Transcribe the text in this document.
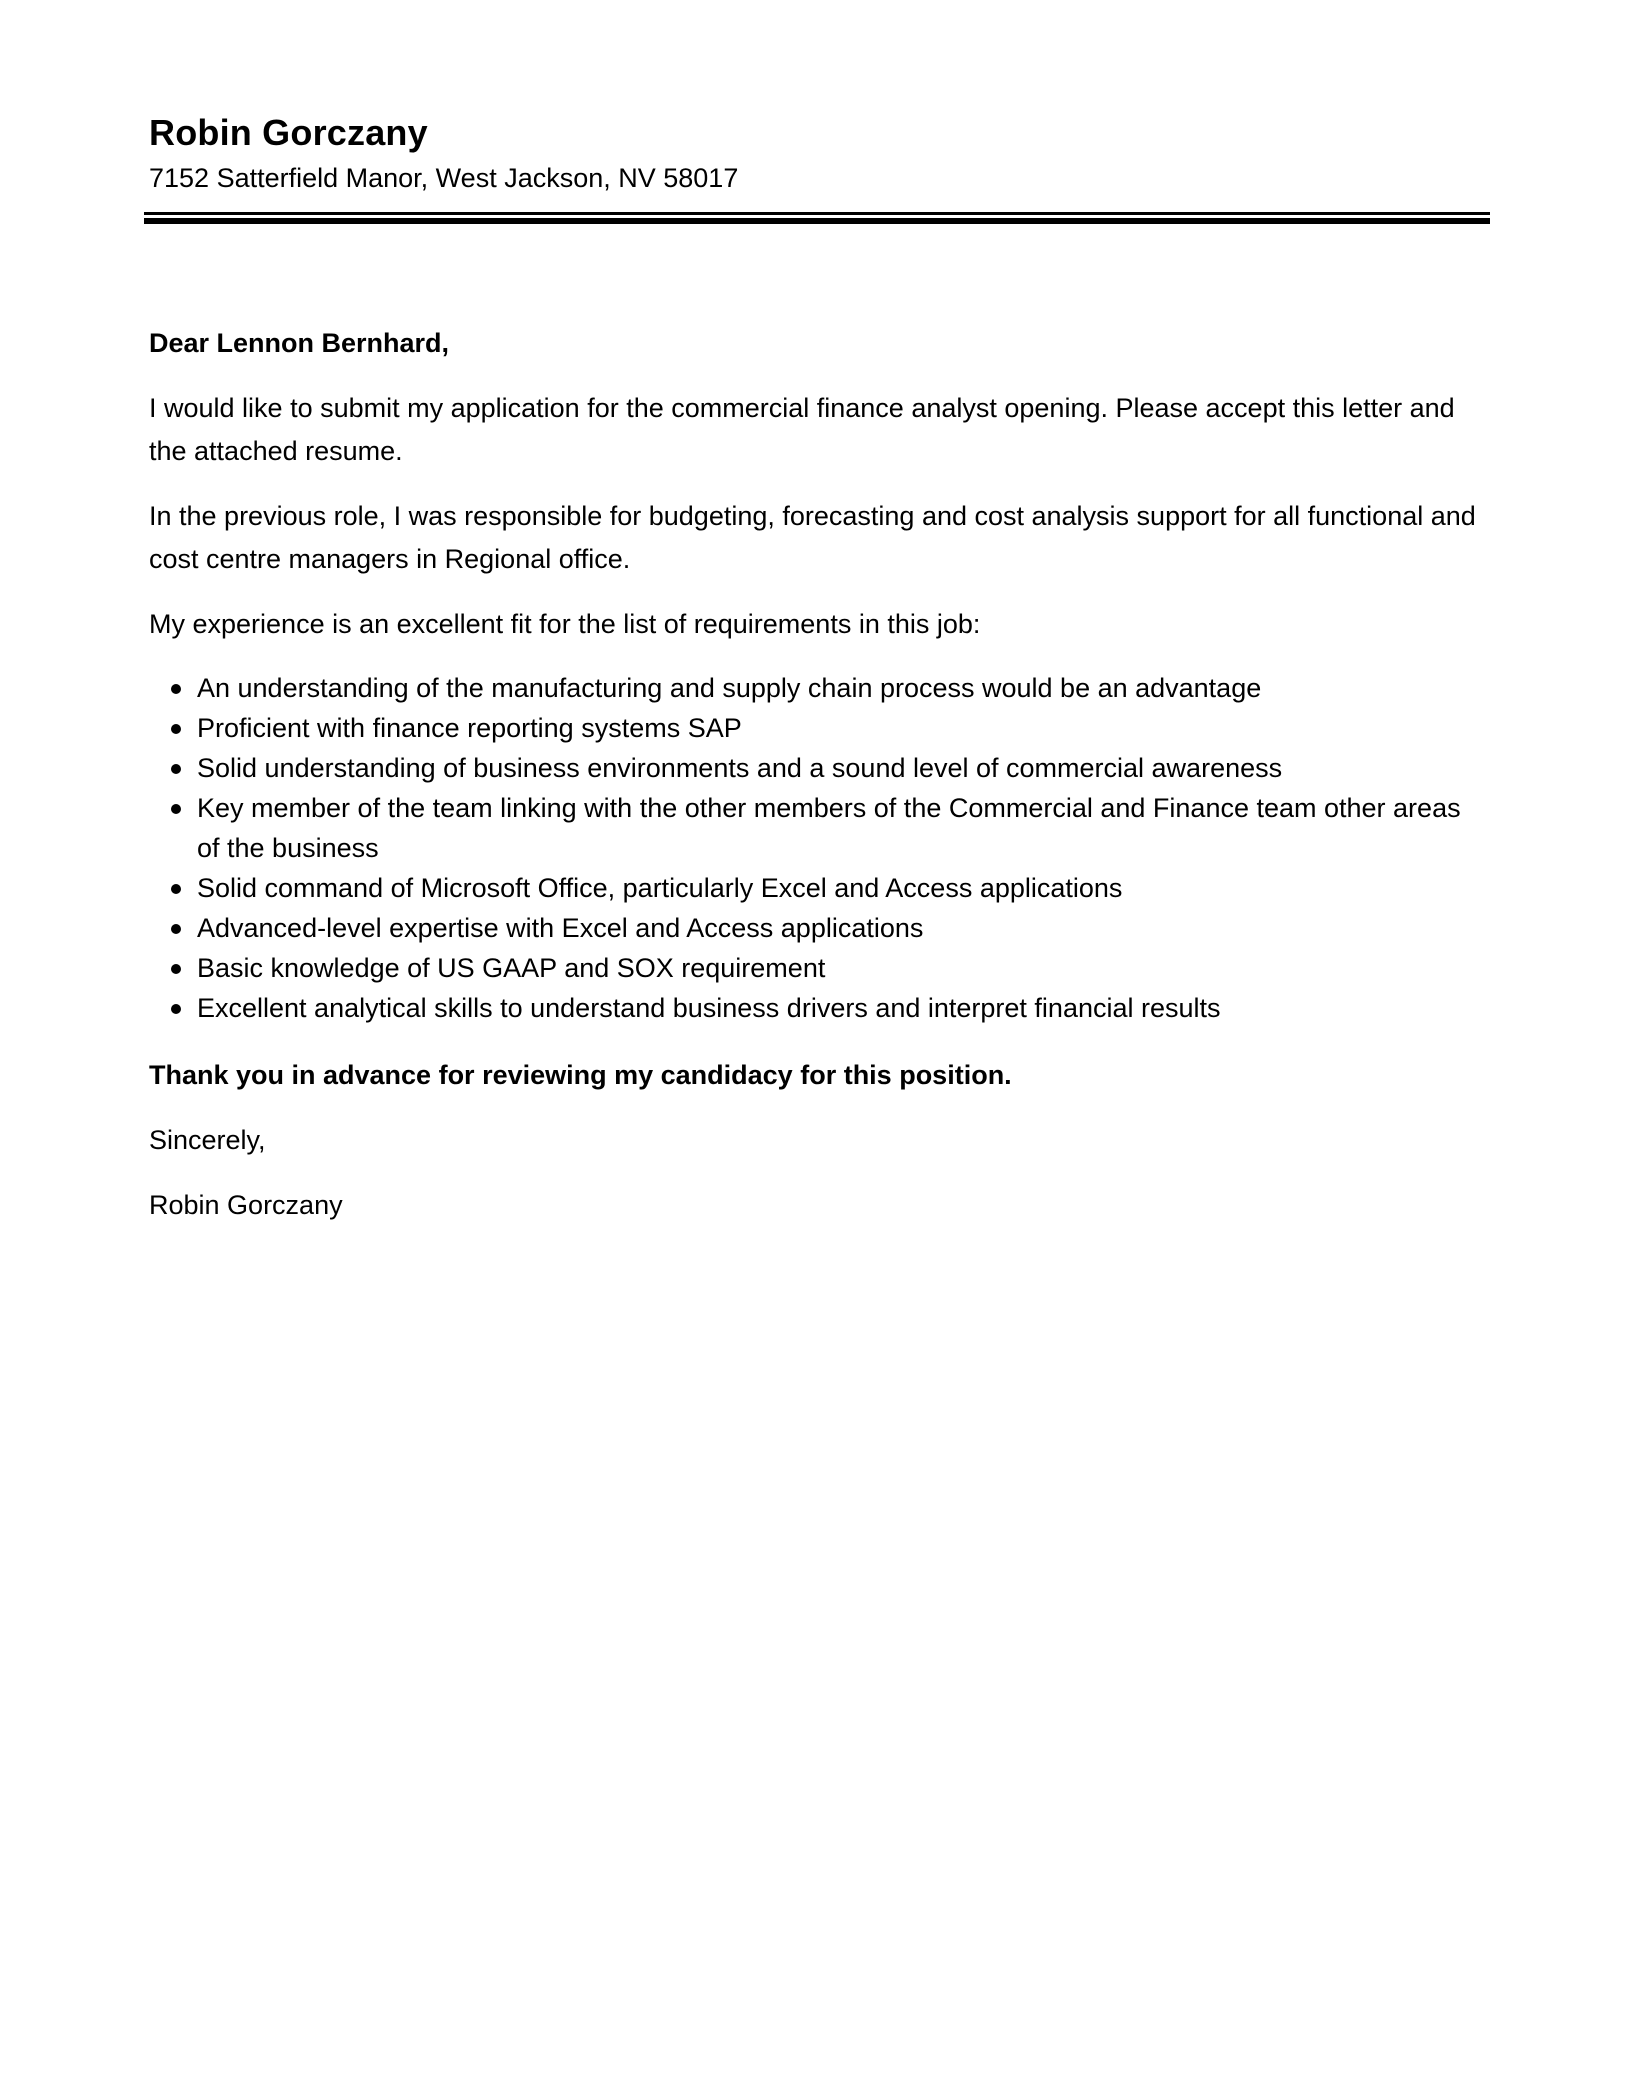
Robin Gorczany
7152 Satterfield Manor, West Jackson, NV 58017

Dear Lennon Bernhard,

I would like to submit my application for the commercial finance analyst opening. Please accept this letter and the attached resume.

In the previous role, I was responsible for budgeting, forecasting and cost analysis support for all functional and cost centre managers in Regional office.

My experience is an excellent fit for the list of requirements in this job:

An understanding of the manufacturing and supply chain process would be an advantage
Proficient with finance reporting systems SAP
Solid understanding of business environments and a sound level of commercial awareness
Key member of the team linking with the other members of the Commercial and Finance team other areas of the business
Solid command of Microsoft Office, particularly Excel and Access applications
Advanced-level expertise with Excel and Access applications
Basic knowledge of US GAAP and SOX requirement
Excellent analytical skills to understand business drivers and interpret financial results

Thank you in advance for reviewing my candidacy for this position.

Sincerely,

Robin Gorczany
